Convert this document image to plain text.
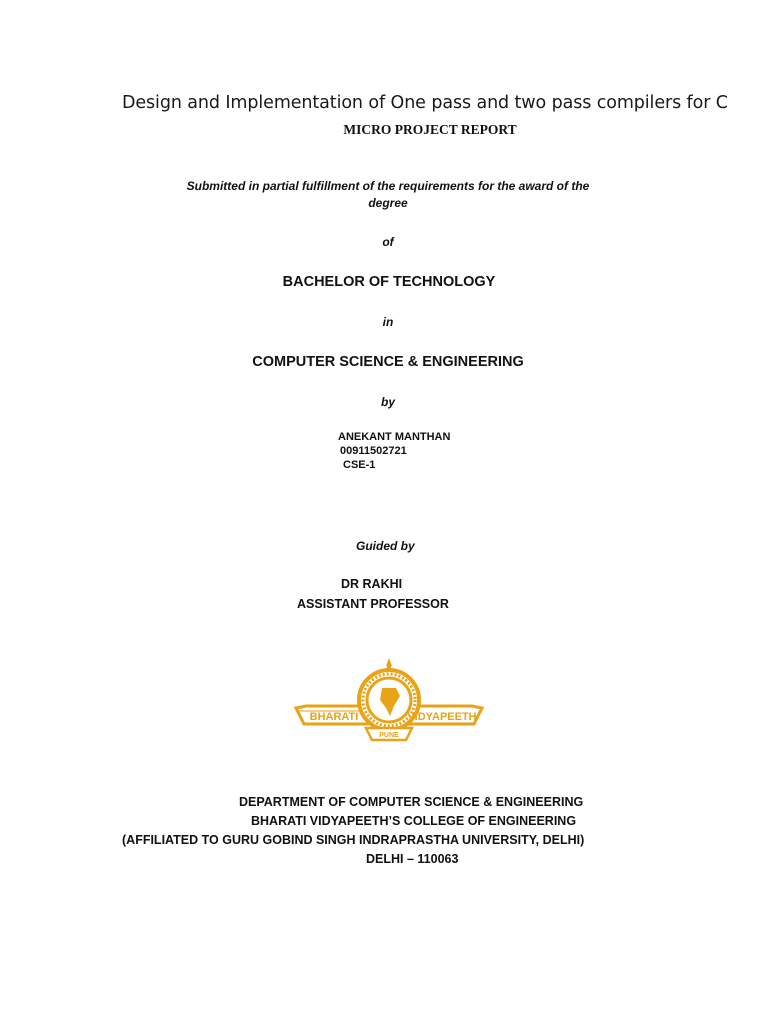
Design and Implementation of One pass and two pass compilers for C
MICRO PROJECT REPORT
Submitted in partial fulfillment of the requirements for the award of the
degree
of
BACHELOR OF TECHNOLOGY
in
COMPUTER SCIENCE & ENGINEERING
by
ANEKANT MANTHAN
00911502721
CSE-1
Guided by
DR RAKHI
ASSISTANT PROFESSOR
BHARATI	VIDYAPEETH
PUNE
DEPARTMENT OF COMPUTER SCIENCE & ENGINEERING
BHARATI VIDYAPEETH’S COLLEGE OF ENGINEERING
(AFFILIATED TO GURU GOBIND SINGH INDRAPRASTHA UNIVERSITY, DELHI)
DELHI – 110063
